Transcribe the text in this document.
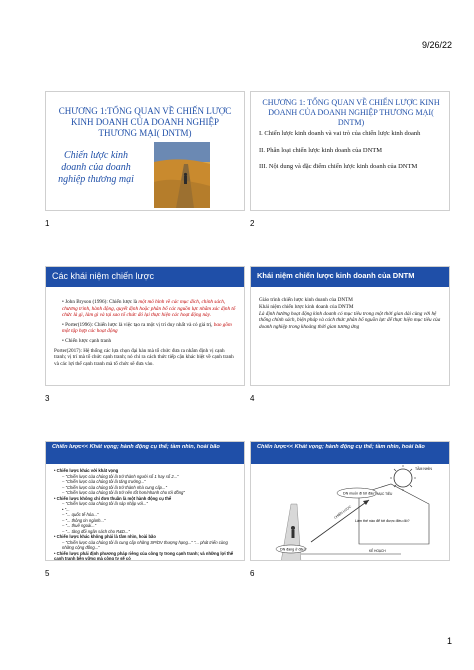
9/26/22
CHƯƠNG 1:TỔNG QUAN VỀ CHIẾN LƯỢC KINH DOANH CỦA DOANH NGHIỆP THƯƠNG MẠI( DNTM)
Chiến lược kinh doanh của doanh nghiệp thương mại
1
CHƯƠNG 1: TỔNG QUAN VỀ CHIẾN LƯỢC KINH DOANH CỦA DOANH NGHIỆP THƯƠNG MẠI( DNTM)
I. Chiến lược kinh doanh và vai trò của chiến lược kinh doanh
II. Phân loại chiến lược kinh doanh của DNTM
III. Nội dung và đặc điểm chiến lược kinh doanh của DNTM
2
Các khái niệm chiến lược
• John Bryson (1996): Chiến lược là một mô hình về các mục đích, chính sách, chương trình, hành động, quyết định hoặc phân bổ các nguồn lực nhằm xác định tổ chức là gì, làm gì và tại sao tổ chức đó lại thực hiện các hoạt động này.
• Porter(1996): Chiến lược là việc tạo ra một vị trí duy nhất và có giá trị, bao gồm một tập hợp các hoạt động
• Chiến lược cạnh tranh
Porter(2017): Hệ thống các lựa chọn đại hàn mà tổ chức đưa ra nhằm định vị cạnh tranh; vị trí mà tổ chức cạnh tranh; nó chỉ ra cách thức tiếp cận khác biệt về cạnh tranh và các lợi thế cạnh tranh mà tổ chức sẽ đưa vào.
3
Khái niệm chiến lược kinh doanh của DNTM
Giáo trình chiến lược kinh doanh của DNTM
Khái niệm chiến lược kinh doanh của DNTM
Là định hướng hoạt động kinh doanh có mục tiêu trong một thời gian dài cùng với hệ thống chính sách, biện pháp và cách thức phân bổ nguồn lực để thực hiện mục tiêu của doanh nghiệp trong khoảng thời gian tương ứng
4
Chiến lược<< Khát vọng; hành động cụ thể; tầm nhìn, hoài bão
• Chiến lược khác với khát vọng
– "Chiến lược của chúng tôi là trở thành người số 1 hay số 2..."
– "Chiến lược của chúng tôi là tăng trưởng..."
– "Chiến lược của chúng tôi là trở thành nhà cung cấp..."
– "Chiến lược của chúng tôi là trở nên tốt hơn/nhanh cho tới đồng"
• Chiến lược không chỉ đơn thuần là một hành động cụ thể
– "Chiến lược của chúng tôi là sáp nhập với..."
• "...
– "... quốc tế hóa..."
– "... thông tin ngành..."
– "... thuê ngoài..."
– "... tăng đổi ngân sách cho R&D..."
• Chiến lược khác không phải là tầm nhìn, hoài bão
– "Chiến lược của chúng tôi là cung cấp những SP/DV thượng hạng..." "... phát triển cùng những cộng đồng..."
• Chiến lược phải định phương pháp riêng của công ty trong cạnh tranh; và những lợi thế cạnh tranh bền vững mà công ty sẽ có
5
Chiến lược<< Khát vọng; hành động cụ thể; tầm nhìn, hoài bão
TẦM NHÌN
DN muốn đi tới đâu? MỤC TIÊU
CHIẾN LƯỢC
Làm thế nào để tới được điều đó?
DN đang ở đâu?	KẾ HOẠCH
6
1
